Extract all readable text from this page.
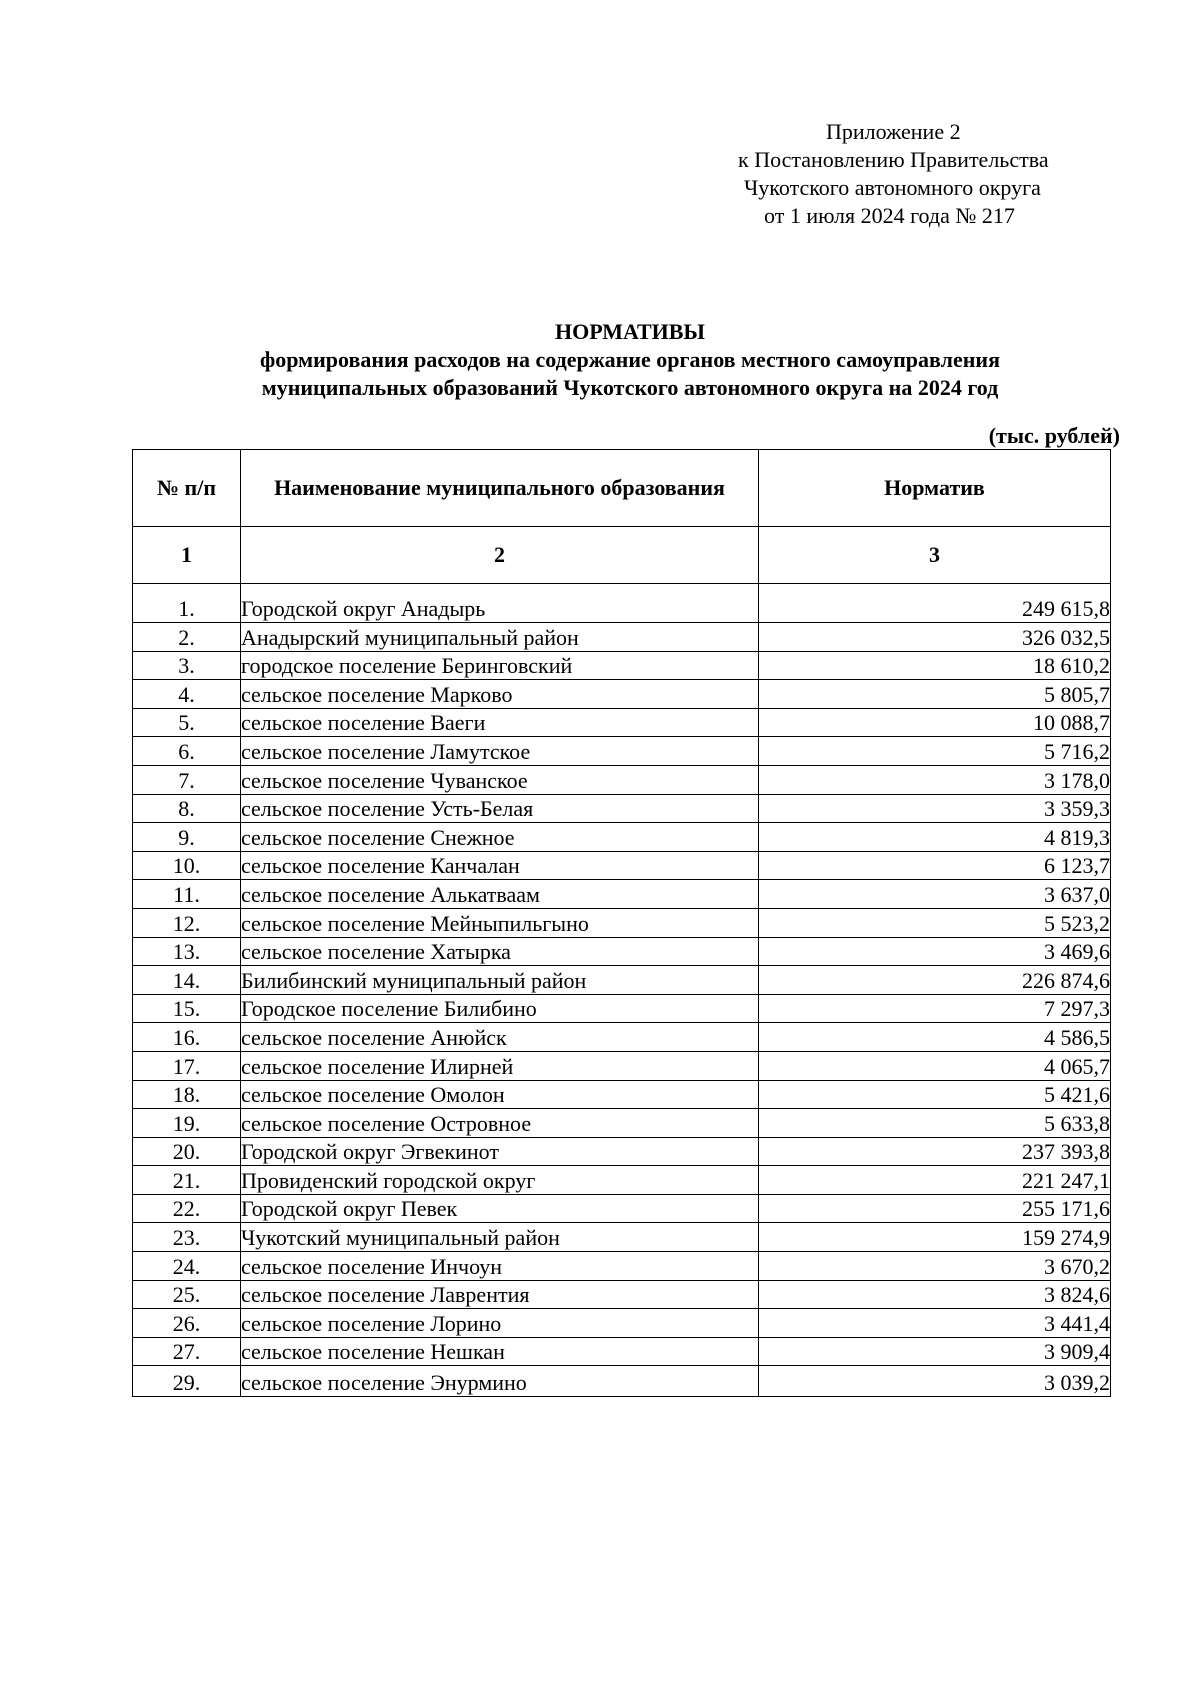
Приложение 2
к Постановлению Правительства
Чукотского автономного округа
от 1 июля 2024 года № 217
НОРМАТИВЫ
формирования расходов на содержание органов местного самоуправления
муниципальных образований Чукотского автономного округа на 2024 год
(тыс. рублей)
№ п/п	Наименование муниципального образования	Норматив
1	2	3
1.	Городской округ Анадырь	249 615,8
2.	Анадырский муниципальный район	326 032,5
3.	городское поселение Беринговский	18 610,2
4.	сельское поселение Марково	5 805,7
5.	сельское поселение Ваеги	10 088,7
6.	сельское поселение Ламутское	5 716,2
7.	сельское поселение Чуванское	3 178,0
8.	сельское поселение Усть-Белая	3 359,3
9.	сельское поселение Снежное	4 819,3
10.	сельское поселение Канчалан	6 123,7
11.	сельское поселение Алькатваам	3 637,0
12.	сельское поселение Мейныпильгыно	5 523,2
13.	сельское поселение Хатырка	3 469,6
14.	Билибинский муниципальный район	226 874,6
15.	Городское поселение Билибино	7 297,3
16.	сельское поселение Анюйск	4 586,5
17.	сельское поселение Илирней	4 065,7
18.	сельское поселение Омолон	5 421,6
19.	сельское поселение Островное	5 633,8
20.	Городской округ Эгвекинот	237 393,8
21.	Провиденский городской округ	221 247,1
22.	Городской округ Певек	255 171,6
23.	Чукотский муниципальный район	159 274,9
24.	сельское поселение Инчоун	3 670,2
25.	сельское поселение Лаврентия	3 824,6
26.	сельское поселение Лорино	3 441,4
27.	сельское поселение Нешкан	3 909,4
29.	сельское поселение Энурмино	3 039,2
